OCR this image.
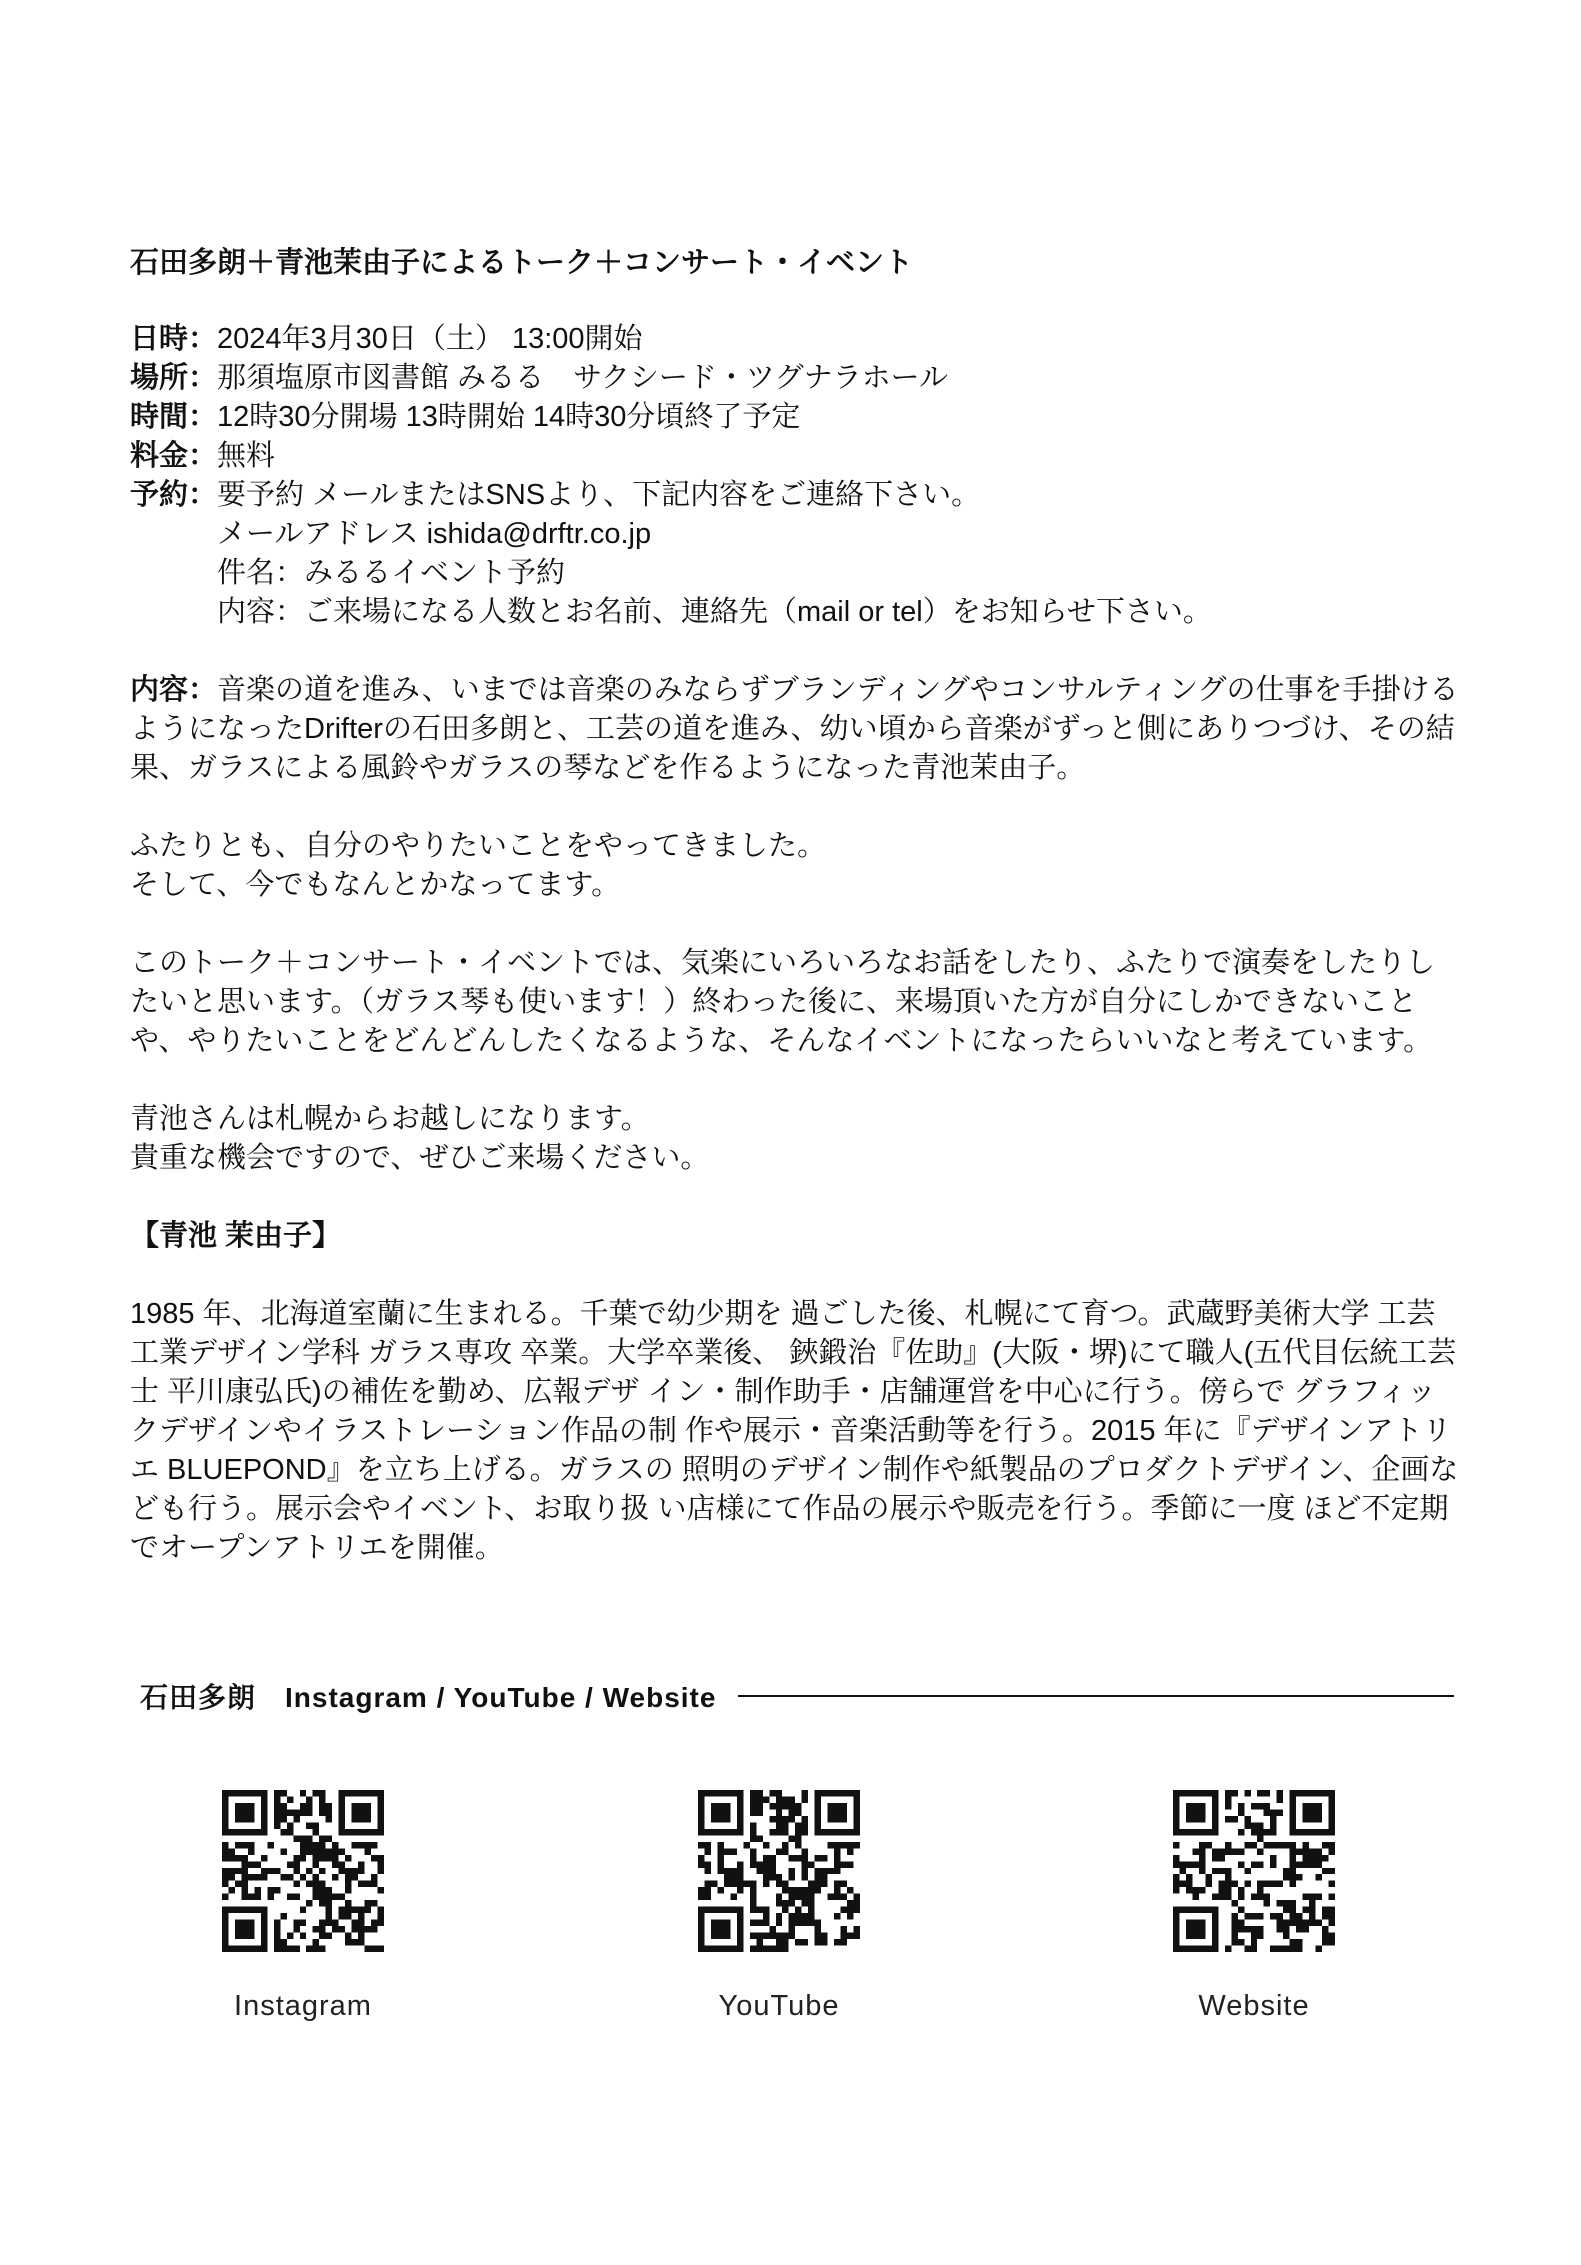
石田多朗＋青池茉由子によるトーク＋コンサート・イベント
日時： 2024年3月30日（土） 13:00開始
場所： 那須塩原市図書館 みるる　サクシード・ツグナラホール
時間： 12時30分開場 13時開始 14時30分頃終了予定
料金： 無料
予約： 要予約 メールまたはSNSより、下記内容をご連絡下さい。
メールアドレス ishida@drftr.co.jp
件名：みるるイベント予約
内容：ご来場になる人数とお名前、連絡先（mail or tel）をお知らせ下さい。

内容：音楽の道を進み、いまでは音楽のみならずブランディングやコンサルティングの仕事を手掛けるようになったDrifterの石田多朗と、工芸の道を進み、幼い頃から音楽がずっと側にありつづけ、その結果、ガラスによる風鈴やガラスの琴などを作るようになった青池茉由子。

ふたりとも、自分のやりたいことをやってきました。
そして、今でもなんとかなってます。

このトーク＋コンサート・イベントでは、気楽にいろいろなお話をしたり、ふたりで演奏をしたりしたいと思います。（ガラス琴も使います！）終わった後に、来場頂いた方が自分にしかできないことや、やりたいことをどんどんしたくなるような、そんなイベントになったらいいなと考えています。

青池さんは札幌からお越しになります。
貴重な機会ですので、ぜひご来場ください。
【青池 茉由子】

1985 年、北海道室蘭に生まれる。千葉で幼少期を 過ごした後、札幌にて育つ。武蔵野美術大学 工芸工業デザイン学科 ガラス専攻 卒業。大学卒業後、 鋏鍛治『佐助』(大阪・堺)にて職人(五代目伝統工芸士 平川康弘氏)の補佐を勤め、広報デザ イン・制作助手・店舗運営を中心に行う。傍らで グラフィックデザインやイラストレーション作品の制 作や展示・音楽活動等を行う。2015 年に『デザインアトリエ BLUEPOND』を立ち上げる。ガラスの 照明のデザイン制作や紙製品のプロダクトデザイン、企画なども行う。展示会やイベント、お取り扱 い店様にて作品の展示や販売を行う。季節に一度 ほど不定期でオープンアトリエを開催。

石田多朗　Instagram / YouTube / Website
Instagram	YouTube	Website
